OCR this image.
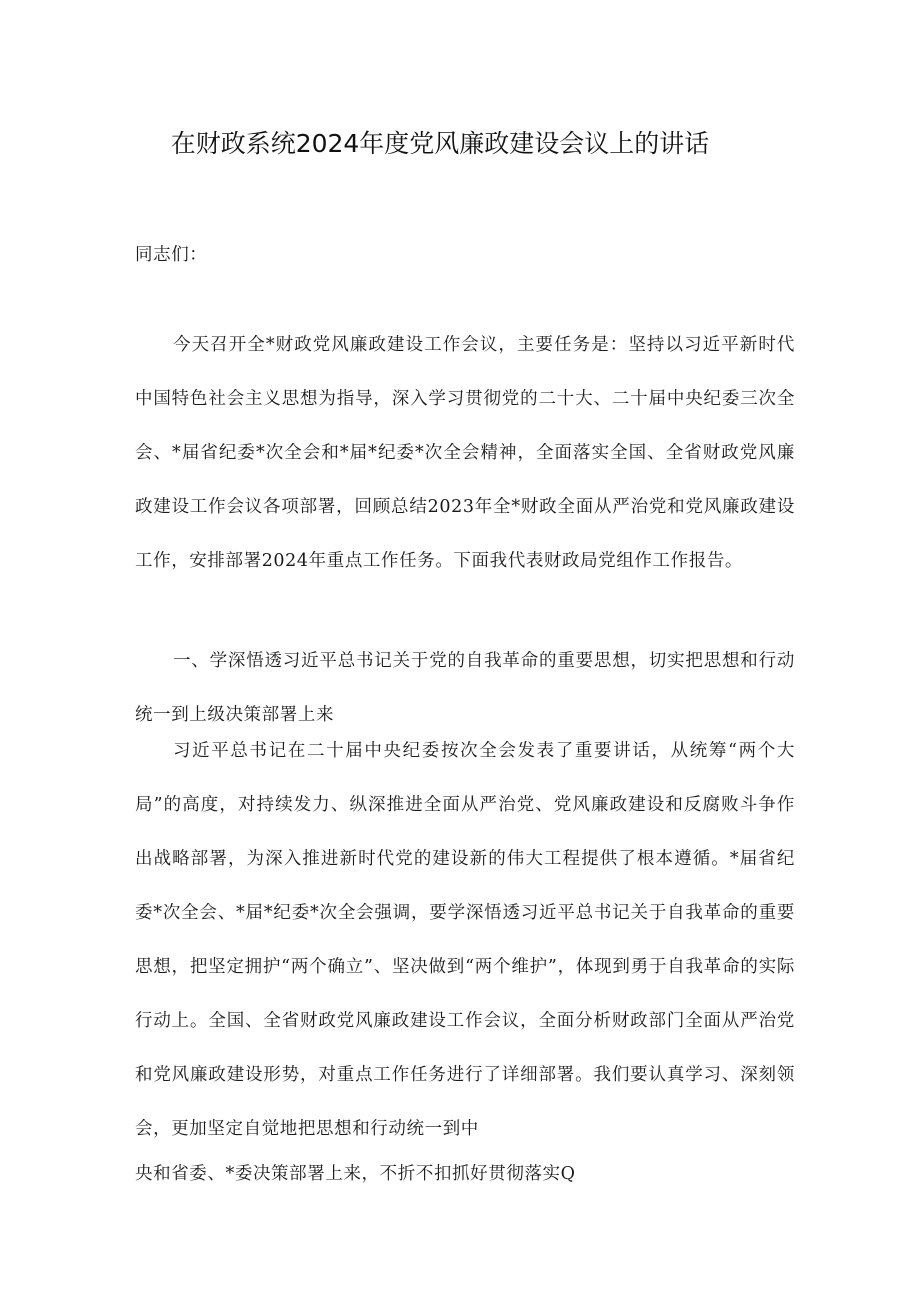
在财政系统2024年度党风廉政建设会议上的讲话

同志们：

今天召开全*财政党风廉政建设工作会议，主要任务是：坚持以习近平新时代中国特色社会主义思想为指导，深入学习贯彻党的二十大、二十届中央纪委三次全会、*届省纪委*次全会和*届*纪委*次全会精神，全面落实全国、全省财政党风廉政建设工作会议各项部署，回顾总结2023年全*财政全面从严治党和党风廉政建设工作，安排部署2024年重点工作任务。下面我代表财政局党组作工作报告。

一、学深悟透习近平总书记关于党的自我革命的重要思想，切实把思想和行动统一到上级决策部署上来

习近平总书记在二十届中央纪委按次全会发表了重要讲话，从统筹“两个大局”的高度，对持续发力、纵深推进全面从严治党、党风廉政建设和反腐败斗争作出战略部署，为深入推进新时代党的建设新的伟大工程提供了根本遵循。*届省纪委*次全会、*届*纪委*次全会强调，要学深悟透习近平总书记关于自我革命的重要思想，把坚定拥护“两个确立”、坚决做到“两个维护”，体现到勇于自我革命的实际行动上。全国、全省财政党风廉政建设工作会议，全面分析财政部门全面从严治党和党风廉政建设形势，对重点工作任务进行了详细部署。我们要认真学习、深刻领会，更加坚定自觉地把思想和行动统一到中

央和省委、*委决策部署上来，不折不扣抓好贯彻落实Q
